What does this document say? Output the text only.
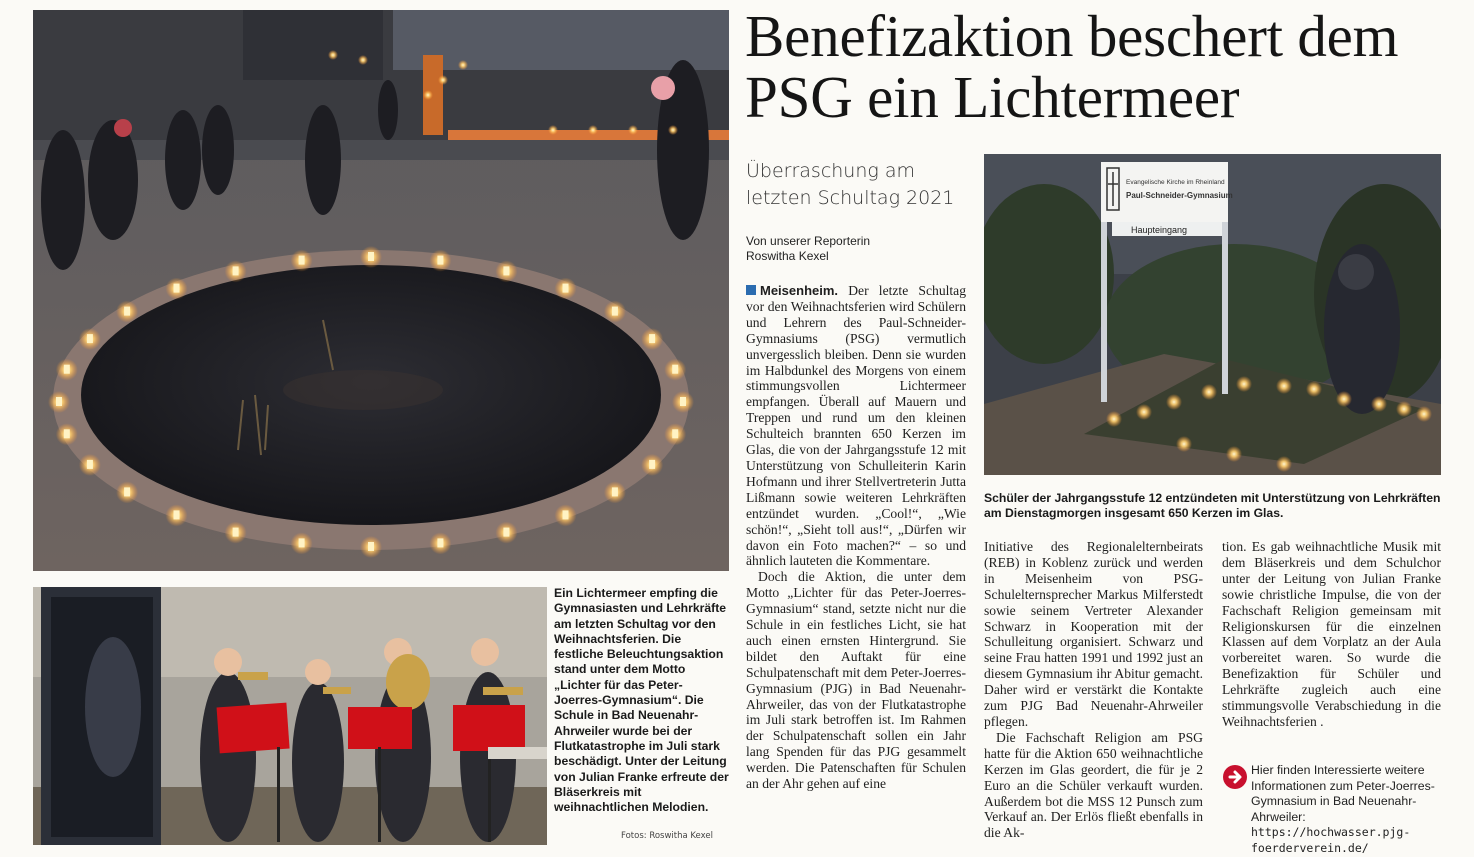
Evangelische Kirche im Rheinland
Paul-Schneider-Gymnasium
Haupteingang
Benefizaktion beschert dem PSG ein Lichtermeer
Überraschung am letzten Schultag 2021
Von unserer Reporterin
Roswitha Kexel

Meisenheim. Der letzte Schultag vor den Weihnachtsferien wird Schülern und Lehrern des Paul-Schneider-Gymnasiums (PSG) vermutlich unvergesslich bleiben. Denn sie wurden im Halbdunkel des Morgens von einem stimmungsvollen Lichtermeer empfangen. Überall auf Mauern und Treppen und rund um den kleinen Schulteich brannten 650 Kerzen im Glas, die von der Jahrgangsstufe 12 mit Unterstützung von Schulleiterin Karin Hofmann und ihrer Stellvertreterin Jutta Lißmann sowie weiteren Lehrkräften entzündet wurden. „Cool!“, „Wie schön!“, „Sieht toll aus!“, „Dürfen wir davon ein Foto machen?“ – so und ähnlich lauteten die Kommentare.

Doch die Aktion, die unter dem Motto „Lichter für das Peter-Joerres-Gymnasium“ stand, setzte nicht nur die Schule in ein festliches Licht, sie hat auch einen ernsten Hintergrund. Sie bildet den Auftakt für eine Schulpatenschaft mit dem Peter-Joerres-Gymnasium (PJG) in Bad Neuenahr-Ahrweiler, das von der Flutkatastrophe im Juli stark betroffen ist. Im Rahmen der Schulpatenschaft sollen ein Jahr lang Spenden für das PJG gesammelt werden. Die Patenschaften für Schulen an der Ahr gehen auf eine

Initiative des Regionalelternbeirats (REB) in Koblenz zurück und werden in Meisenheim von PSG-Schulelternsprecher Markus Milferstedt sowie seinem Vertreter Alexander Schwarz in Kooperation mit der Schulleitung organisiert. Schwarz und seine Frau hatten 1991 und 1992 just an diesem Gymnasium ihr Abitur gemacht. Daher wird er verstärkt die Kontakte zum PJG Bad Neuenahr-Ahrweiler pflegen.

Die Fachschaft Religion am PSG hatte für die Aktion 650 weihnachtliche Kerzen im Glas geordert, die für je 2 Euro an die Schüler verkauft wurden. Außerdem bot die MSS 12 Punsch zum Verkauf an. Der Erlös fließt ebenfalls in die Ak-

tion. Es gab weihnachtliche Musik mit dem Bläserkreis und dem Schulchor unter der Leitung von Julian Franke sowie christliche Impulse, die von der Fachschaft Religion gemeinsam mit Religionskursen für die einzelnen Klassen auf dem Vorplatz an der Aula vorbereitet waren. So wurde die Benefizaktion für Schüler und Lehrkräfte zugleich auch eine stimmungsvolle Verabschiedung in die Weihnachtsferien .

Schüler der Jahrgangsstufe 12 entzündeten mit Unterstützung von Lehrkräften am Dienstagmorgen insgesamt 650 Kerzen im Glas.
Ein Lichtermeer empfing die Gymnasiasten und Lehrkräfte am letzten Schultag vor den Weihnachtsferien. Die festliche Beleuchtungsaktion stand unter dem Motto „Lichter für das Peter-Joerres-Gymnasium“. Die Schule in Bad Neuenahr-Ahrweiler wurde bei der Flutkatastrophe im Juli stark beschädigt. Unter der Leitung von Julian Franke erfreute der Bläserkreis mit weihnachtlichen Melodien.
Fotos: Roswitha Kexel
Hier finden Interessierte weitere Informationen zum Peter-Joerres-Gymnasium in Bad Neuenahr-Ahrweiler: https://hochwasser.pjg-foerderverein.de/
